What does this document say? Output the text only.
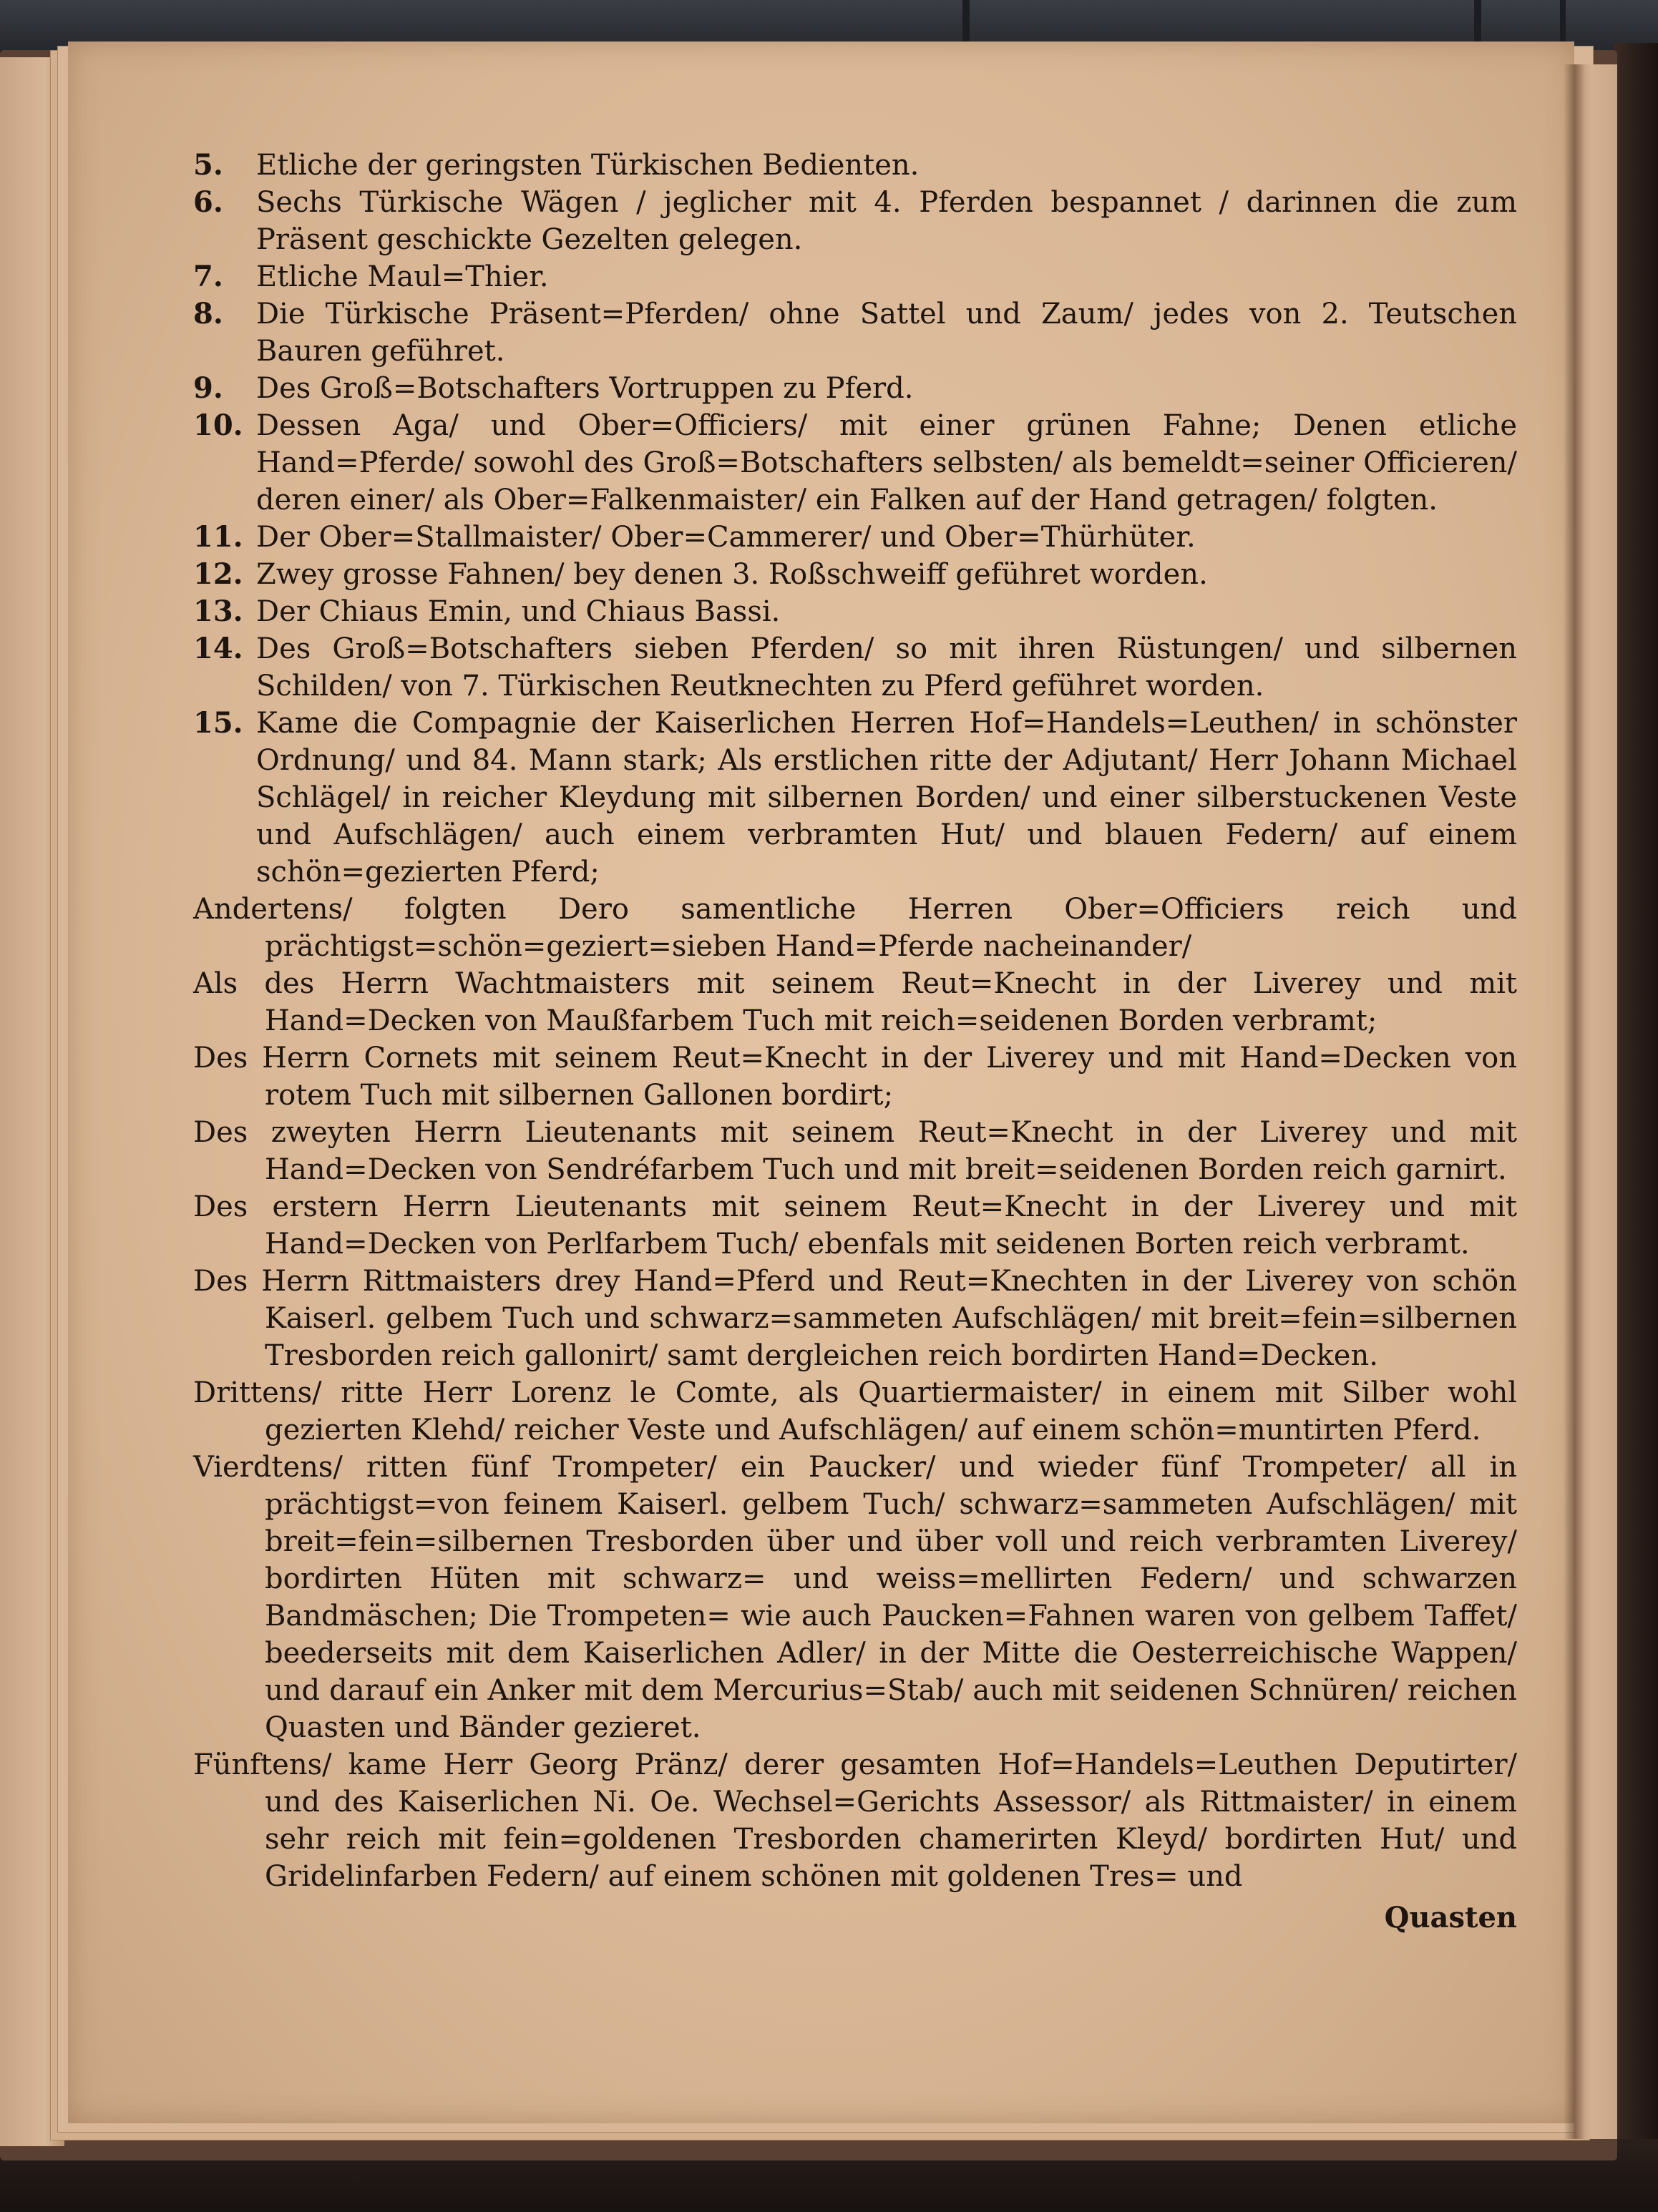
5.	Etliche der geringsten Türkischen Bedienten.
6.	Sechs Türkische Wägen / jeglicher mit 4. Pferden bespannet / darinnen die zum Präsent geschickte Gezelten gelegen.
7.	Etliche Maul=Thier.
8.	Die Türkische Präsent=Pferden/ ohne Sattel und Zaum/ jedes von 2. Teutschen Bauren geführet.
9.	Des Groß=Botschafters Vortruppen zu Pferd.
10. Dessen Aga/ und Ober=Officiers/ mit einer grünen Fahne; Denen etliche Hand=Pferde/ sowohl des Groß=Botschafters selbsten/ als bemeldt=seiner Officieren/ deren einer/ als Ober=Falkenmaister/ ein Falken auf der Hand getragen/ folgten.
11. Der Ober=Stallmaister/ Ober=Cammerer/ und Ober=Thürhüter.
12. Zwey grosse Fahnen/ bey denen 3. Roßschweiff geführet worden.
13. Der Chiaus Emin, und Chiaus Bassi.
14. Des Groß=Botschafters sieben Pferden/ so mit ihren Rüstungen/ und silbernen Schilden/ von 7. Türkischen Reutknechten zu Pferd geführet worden.
15. Kame die Compagnie der Kaiserlichen Herren Hof=Handels=Leuthen/ in schönster Ordnung/ und 84. Mann stark; Als erstlichen ritte der Adjutant/ Herr Johann Michael Schlägel/ in reicher Kleydung mit silbernen Borden/ und einer silberstuckenen Veste und Aufschlägen/ auch einem verbramten Hut/ und blauen Federn/ auf einem schön=gezierten Pferd;

Andertens/ folgten Dero samentliche Herren Ober=Officiers reich und prächtigst=schön=geziert=sieben Hand=Pferde nacheinander/

Als des Herrn Wachtmaisters mit seinem Reut=Knecht in der Liverey und mit Hand=Decken von Maußfarbem Tuch mit reich=seidenen Borden verbramt;

Des Herrn Cornets mit seinem Reut=Knecht in der Liverey und mit Hand=Decken von rotem Tuch mit silbernen Gallonen bordirt;

Des zweyten Herrn Lieutenants mit seinem Reut=Knecht in der Liverey und mit Hand=Decken von Sendréfarbem Tuch und mit breit=seidenen Borden reich garnirt.

Des erstern Herrn Lieutenants mit seinem Reut=Knecht in der Liverey und mit Hand=Decken von Perlfarbem Tuch/ ebenfals mit seidenen Borten reich verbramt.

Des Herrn Rittmaisters drey Hand=Pferd und Reut=Knechten in der Liverey von schön Kaiserl. gelbem Tuch und schwarz=sammeten Aufschlägen/ mit breit=fein=silbernen Tresborden reich gallonirt/ samt dergleichen reich bordirten Hand=Decken.

Drittens/ ritte Herr Lorenz le Comte, als Quartiermaister/ in einem mit Silber wohl gezierten Klehd/ reicher Veste und Aufschlägen/ auf einem schön=muntirten Pferd.

Vierdtens/ ritten fünf Trompeter/ ein Paucker/ und wieder fünf Trompeter/ all in prächtigst=von feinem Kaiserl. gelbem Tuch/ schwarz=sammeten Aufschlägen/ mit breit=fein=silbernen Tresborden über und über voll und reich verbramten Liverey/ bordirten Hüten mit schwarz= und weiss=mellirten Federn/ und schwarzen Bandmäschen; Die Trompeten= wie auch Paucken=Fahnen waren von gelbem Taffet/ beederseits mit dem Kaiserlichen Adler/ in der Mitte die Oesterreichische Wappen/ und darauf ein Anker mit dem Mercurius=Stab/ auch mit seidenen Schnüren/ reichen Quasten und Bänder gezieret.

Fünftens/ kame Herr Georg Pränz/ derer gesamten Hof=Handels=Leuthen Deputirter/ und des Kaiserlichen Ni. Oe. Wechsel=Gerichts Assessor/ als Rittmaister/ in einem sehr reich mit fein=goldenen Tresborden chamerirten Kleyd/ bordirten Hut/ und Gridelinfarben Federn/ auf einem schönen mit goldenen Tres= und

Quasten
